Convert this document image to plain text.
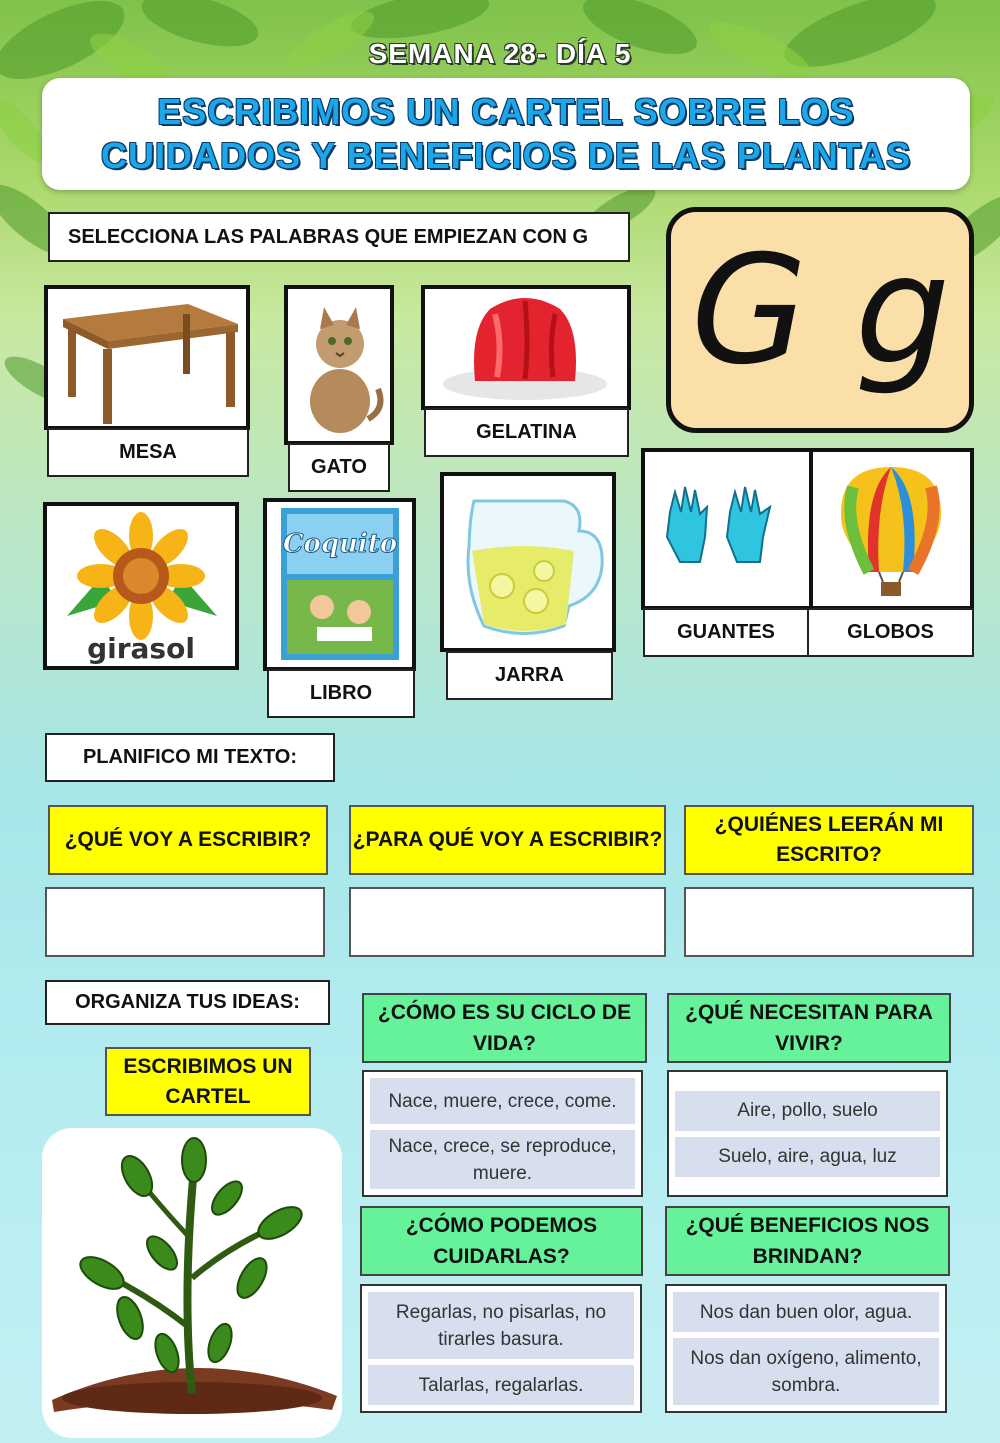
SEMANA 28- DÍA 5
ESCRIBIMOS UN CARTEL SOBRE LOS
CUIDADOS Y BENEFICIOS DE LAS PLANTAS
SELECCIONA LAS PALABRAS QUE EMPIEZAN CON G G g
MESA
GATO
GELATINA
girasol
Coquito
LIBRO
JARRA
GUANTES	GLOBOS
PLANIFICO MI TEXTO:
¿QUÉ VOY A ESCRIBIR?	¿PARA QUÉ VOY A ESCRIBIR?
¿QUIÉNES LEERÁN MI ESCRITO?
ORGANIZA TUS IDEAS:
ESCRIBIMOS UN CARTEL
¿CÓMO ES SU CICLO DE VIDA?
Nace, muere, crece, come.
Nace, crece, se reproduce, muere.
¿QUÉ NECESITAN PARA VIVIR?
Aire, pollo, suelo
Suelo, aire, agua, luz
¿CÓMO PODEMOS CUIDARLAS?
Regarlas, no pisarlas, no tirarles basura.
Talarlas, regalarlas.
¿QUÉ BENEFICIOS NOS BRINDAN?
Nos dan buen olor, agua.
Nos dan oxígeno, alimento, sombra.
